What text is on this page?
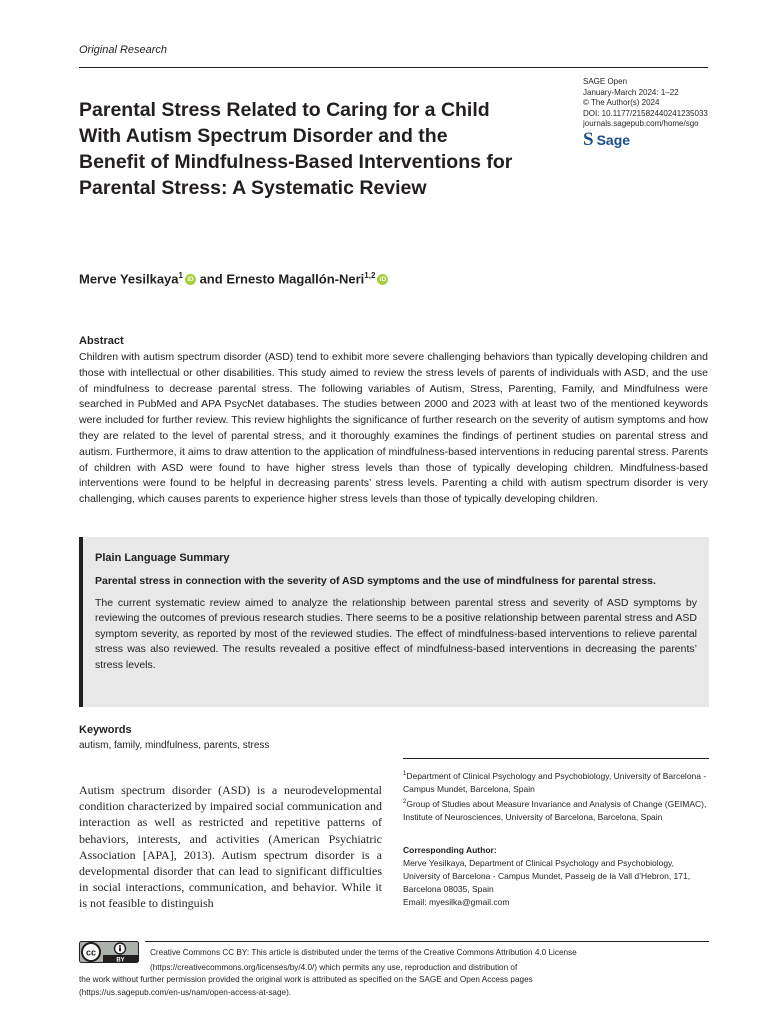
Original Research
SAGE Open
January-March 2024: 1–22
© The Author(s) 2024
DOI: 10.1177/21582440241235033
journals.sagepub.com/home/sgo
S Sage
Parental Stress Related to Caring for a Child With Autism Spectrum Disorder and the Benefit of Mindfulness-Based Interventions for Parental Stress: A Systematic Review
Merve Yesilkaya$^1$ iD and Ernesto Magallón-Neri$^{1,2}$ iD
Abstract
Children with autism spectrum disorder (ASD) tend to exhibit more severe challenging behaviors than typically developing children and those with intellectual or other disabilities. This study aimed to review the stress levels of parents of individuals with ASD, and the use of mindfulness to decrease parental stress. The following variables of Autism, Stress, Parenting, Family, and Mindfulness were searched in PubMed and APA PsycNet databases. The studies between 2000 and 2023 with at least two of the mentioned keywords were included for further review. This review highlights the significance of further research on the severity of autism symptoms and how they are related to the level of parental stress, and it thoroughly examines the findings of pertinent studies on parental stress and autism. Furthermore, it aims to draw attention to the application of mindfulness-based interventions in reducing parental stress. Parents of children with ASD were found to have higher stress levels than those of typically developing children. Mindfulness-based interventions were found to be helpful in decreasing parents’ stress levels. Parenting a child with autism spectrum disorder is very challenging, which causes parents to experience higher stress levels than those of typically developing children.
Plain Language Summary
Parental stress in connection with the severity of ASD symptoms and the use of mindfulness for parental stress.
The current systematic review aimed to analyze the relationship between parental stress and severity of ASD symptoms by reviewing the outcomes of previous research studies. There seems to be a positive relationship between parental stress and ASD symptom severity, as reported by most of the reviewed studies. The effect of mindfulness-based interventions to relieve parental stress was also reviewed. The results revealed a positive effect of mindfulness-based interventions in decreasing the parents’ stress levels.
Keywords
autism, family, mindfulness, parents, stress
Autism spectrum disorder (ASD) is a neurodevelopmental condition characterized by impaired social communication and interaction as well as restricted and repetitive patterns of behaviors, interests, and activities (American Psychiatric Association [APA], 2013). Autism spectrum disorder is a developmental disorder that can lead to significant difficulties in social interactions, communication, and behavior. While it is not feasible to distinguish
$^1$Department of Clinical Psychology and Psychobiology, University of Barcelona - Campus Mundet, Barcelona, Spain
$^2$Group of Studies about Measure Invariance and Analysis of Change (GEIMAC), Institute of Neurosciences, University of Barcelona, Barcelona, Spain
Corresponding Author:
Merve Yesilkaya, Department of Clinical Psychology and Psychobiology,
University of Barcelona - Campus Mundet, Passeig de la Vall d’Hebron, 171,
Barcelona 08035, Spain
Email: myesilka@gmail.com
cc
BY
Creative Commons CC BY: This article is distributed under the terms of the Creative Commons Attribution 4.0 License
(https://creativecommons.org/licenses/by/4.0/) which permits any use, reproduction and distribution of
the work without further permission provided the original work is attributed as specified on the SAGE and Open Access pages
(https://us.sagepub.com/en-us/nam/open-access-at-sage).
